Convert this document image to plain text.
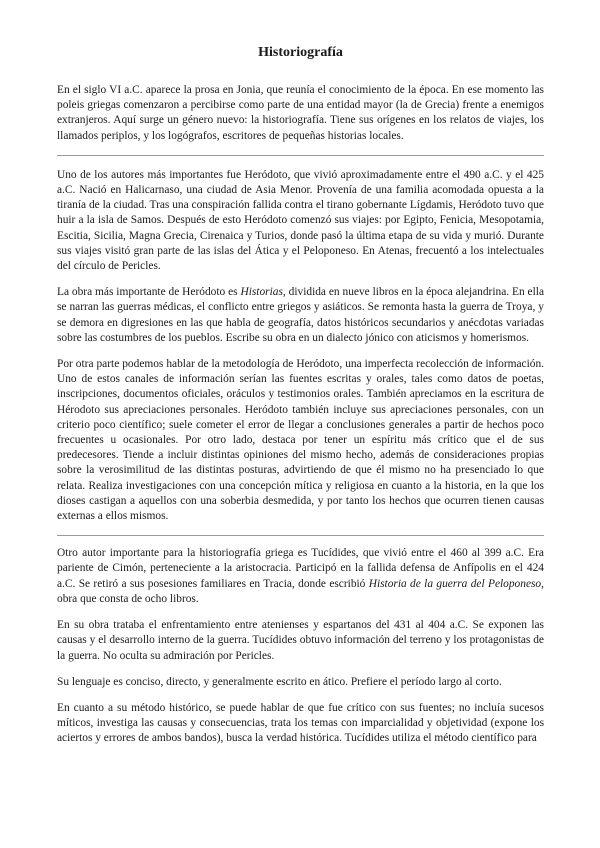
Historiografía

En el siglo VI a.C. aparece la prosa en Jonia, que reunía el conocimiento de la época. En ese momento las poleis griegas comenzaron a percibirse como parte de una entidad mayor (la de Grecia) frente a enemigos extranjeros. Aquí surge un género nuevo: la historiografía. Tiene sus orígenes en los relatos de viajes, los llamados periplos, y los logógrafos, escritores de pequeñas historias locales.

Uno de los autores más importantes fue Heródoto, que vivió aproximadamente entre el 490 a.C. y el 425 a.C. Nació en Halicarnaso, una ciudad de Asia Menor. Provenía de una familia acomodada opuesta a la tiranía de la ciudad. Tras una conspiración fallida contra el tirano gobernante Lígdamis, Heródoto tuvo que huir a la isla de Samos. Después de esto Heródoto comenzó sus viajes: por Egipto, Fenicia, Mesopotamia, Escitia, Sicilia, Magna Grecia, Cirenaica y Turios, donde pasó la última etapa de su vida y murió. Durante sus viajes visitó gran parte de las islas del Ática y el Peloponeso. En Atenas, frecuentó a los intelectuales del círculo de Pericles.

La obra más importante de Heródoto es Historias, dividida en nueve libros en la época alejandrina. En ella se narran las guerras médicas, el conflicto entre griegos y asiáticos. Se remonta hasta la guerra de Troya, y se demora en digresiones en las que habla de geografía, datos históricos secundarios y anécdotas variadas sobre las costumbres de los pueblos. Escribe su obra en un dialecto jónico con aticismos y homerismos.

Por otra parte podemos hablar de la metodología de Heródoto, una imperfecta recolección de información. Uno de estos canales de información serían las fuentes escritas y orales, tales como datos de poetas, inscripciones, documentos oficiales, oráculos y testimonios orales. También apreciamos en la escritura de Hérodoto sus apreciaciones personales. Heródoto también incluye sus apreciaciones personales, con un criterio poco científico; suele cometer el error de llegar a conclusiones generales a partir de hechos poco frecuentes u ocasionales. Por otro lado, destaca por tener un espíritu más crítico que el de sus predecesores. Tiende a incluir distintas opiniones del mismo hecho, además de consideraciones propias sobre la verosimilitud de las distintas posturas, advirtiendo de que él mismo no ha presenciado lo que relata. Realiza investigaciones con una concepción mítica y religiosa en cuanto a la historia, en la que los dioses castigan a aquellos con una soberbia desmedida, y por tanto los hechos que ocurren tienen causas externas a ellos mismos.

Otro autor importante para la historiografía griega es Tucídides, que vivió entre el 460 al 399 a.C. Era pariente de Cimón, perteneciente a la aristocracia. Participó en la fallida defensa de Anfípolis en el 424 a.C. Se retiró a sus posesiones familiares en Tracia, donde escribió Historia de la guerra del Peloponeso, obra que consta de ocho libros.

En su obra trataba el enfrentamiento entre atenienses y espartanos del 431 al 404 a.C. Se exponen las causas y el desarrollo interno de la guerra. Tucídides obtuvo información del terreno y los protagonistas de la guerra. No oculta su admiración por Pericles.

Su lenguaje es conciso, directo, y generalmente escrito en ático. Prefiere el período largo al corto.

En cuanto a su método histórico, se puede hablar de que fue crítico con sus fuentes; no incluía sucesos míticos, investiga las causas y consecuencias, trata los temas con imparcialidad y objetividad (expone los aciertos y errores de ambos bandos), busca la verdad histórica. Tucídides utiliza el método científico para
